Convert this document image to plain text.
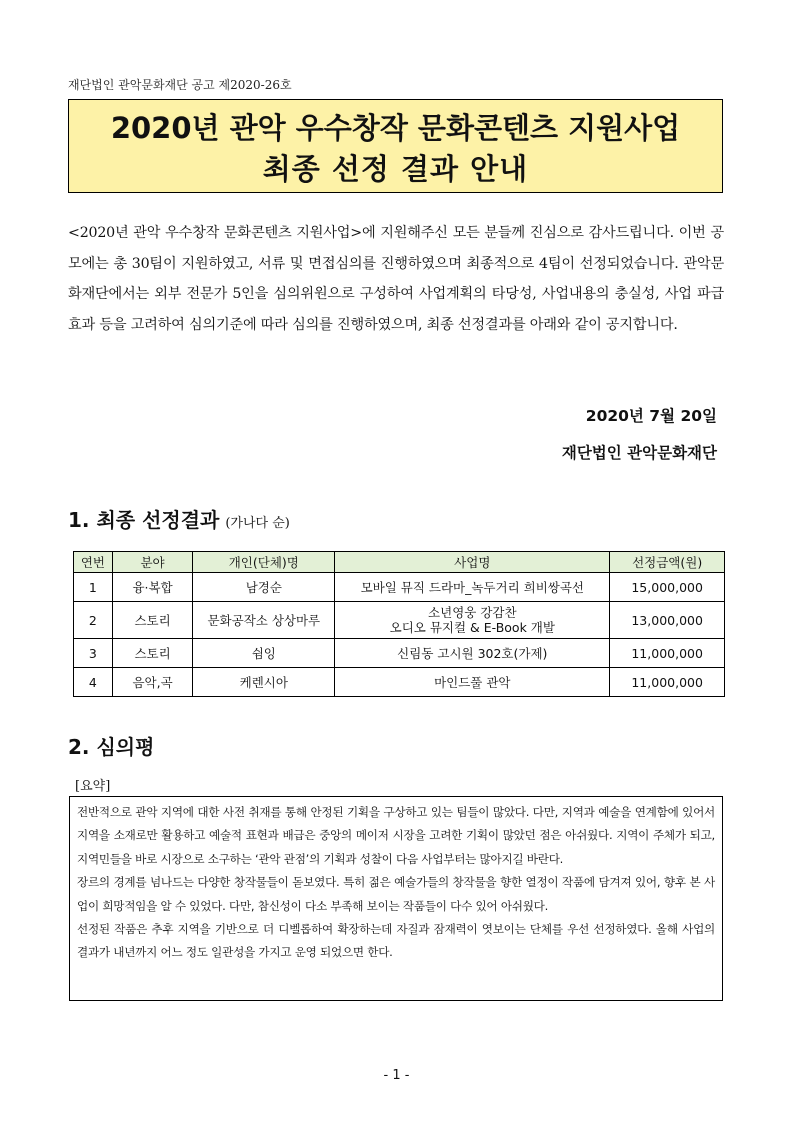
재단법인 관악문화재단 공고 제2020-26호
2020년 관악 우수창작 문화콘텐츠 지원사업
최종 선정 결과 안내

<2020년 관악 우수창작 문화콘텐츠 지원사업>에 지원해주신 모든 분들께 진심으로 감사드립니다. 이번 공모에는 총 30팀이 지원하였고, 서류 및 면접심의를 진행하였으며 최종적으로 4팀이 선정되었습니다. 관악문화재단에서는 외부 전문가 5인을 심의위원으로 구성하여 사업계획의 타당성, 사업내용의 충실성, 사업 파급효과 등을 고려하여 심의기준에 따라 심의를 진행하였으며, 최종 선정결과를 아래와 같이 공지합니다.

2020년 7월 20일
재단법인 관악문화재단
1. 최종 선정결과 (가나다 순)
연번	분야	개인(단체)명	사업명	선정금액(원)
1	융·복합	남경순	모바일 뮤직 드라마_녹두거리 희비쌍곡선	15,000,000
2	스토리	문화공작소 상상마루	소년영웅 강감찬
오디오 뮤지컬 & E-Book 개발	13,000,000
3	스토리	쉼잉	신림동 고시원 302호(가제)	11,000,000
4	음악,곡	케렌시아	마인드풀 관악	11,000,000
2. 심의평
[요약]

전반적으로 관악 지역에 대한 사전 취재를 통해 안정된 기획을 구상하고 있는 팀들이 많았다. 다만, 지역과 예술을 연계함에 있어서 지역을 소재로만 활용하고 예술적 표현과 배급은 중앙의 메이저 시장을 고려한 기획이 많았던 점은 아쉬웠다. 지역이 주체가 되고, 지역민들을 바로 시장으로 소구하는 ‘관악 관점’의 기획과 성찰이 다음 사업부터는 많아지길 바란다.

장르의 경계를 넘나드는 다양한 창작물들이 돋보였다. 특히 젊은 예술가들의 창작물을 향한 열정이 작품에 담겨져 있어, 향후 본 사업이 희망적임을 알 수 있었다. 다만, 참신성이 다소 부족해 보이는 작품들이 다수 있어 아쉬웠다.

선정된 작품은 추후 지역을 기반으로 더 디벨롭하여 확장하는데 자질과 잠재력이 엿보이는 단체를 우선 선정하였다. 올해 사업의 결과가 내년까지 어느 정도 일관성을 가지고 운영 되었으면 한다.

- 1 -
